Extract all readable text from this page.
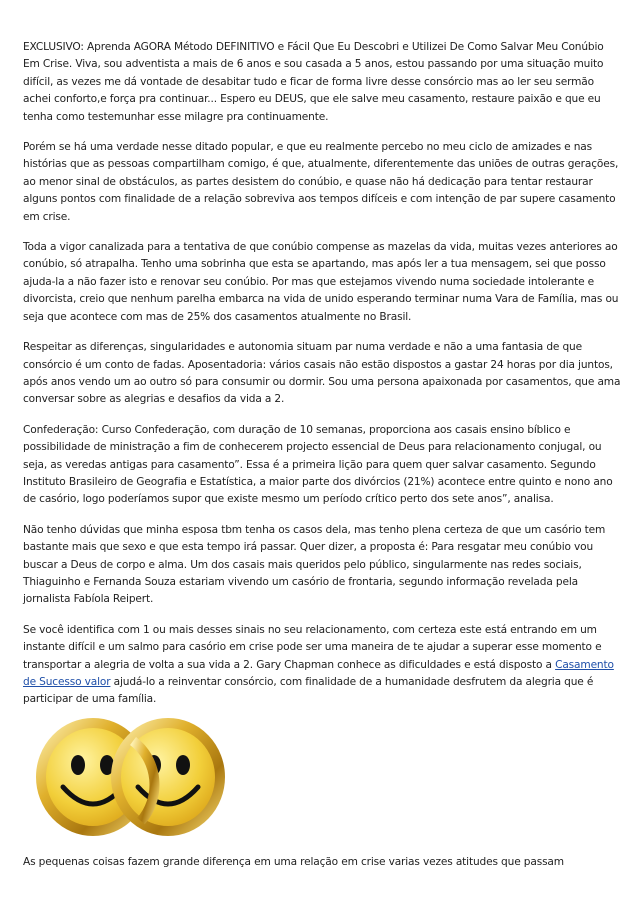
EXCLUSIVO: Aprenda AGORA Método DEFINITIVO e Fácil Que Eu Descobri e Utilizei De Como Salvar Meu Conúbio Em Crise. Viva, sou adventista a mais de 6 anos e sou casada a 5 anos, estou passando por uma situação muito difícil, as vezes me dá vontade de desabitar tudo e ficar de forma livre desse consórcio mas ao ler seu sermão achei conforto,e força pra continuar... Espero eu DEUS, que ele salve meu casamento, restaure paixão e que eu tenha como testemunhar esse milagre pra continuamente.

Porém se há uma verdade nesse ditado popular, e que eu realmente percebo no meu ciclo de amizades e nas histórias que as pessoas compartilham comigo, é que, atualmente, diferentemente das uniões de outras gerações, ao menor sinal de obstáculos, as partes desistem do conúbio, e quase não há dedicação para tentar restaurar alguns pontos com finalidade de a relação sobreviva aos tempos difíceis e com intenção de par supere casamento em crise.

Toda a vigor canalizada para a tentativa de que conúbio compense as mazelas da vida, muitas vezes anteriores ao conúbio, só atrapalha. Tenho uma sobrinha que esta se apartando, mas após ler a tua mensagem, sei que posso ajuda-la a não fazer isto e renovar seu conúbio. Por mas que estejamos vivendo numa sociedade intolerante e divorcista, creio que nenhum parelha embarca na vida de unido esperando terminar numa Vara de Família, mas ou seja que acontece com mas de 25% dos casamentos atualmente no Brasil.

Respeitar as diferenças, singularidades e autonomia situam par numa verdade e não a uma fantasia de que consórcio é um conto de fadas. Aposentadoria: vários casais não estão dispostos a gastar 24 horas por dia juntos, após anos vendo um ao outro só para consumir ou dormir. Sou uma persona apaixonada por casamentos, que ama conversar sobre as alegrias e desafios da vida a 2.

Confederação: Curso Confederação, com duração de 10 semanas, proporciona aos casais ensino bíblico e possibilidade de ministração a fim de conhecerem projecto essencial de Deus para relacionamento conjugal, ou seja, as veredas antigas para casamento”. Essa é a primeira lição para quem quer salvar casamento. Segundo Instituto Brasileiro de Geografia e Estatística, a maior parte dos divórcios (21%) acontece entre quinto e nono ano de casório, logo poderíamos supor que existe mesmo um período crítico perto dos sete anos”, analisa.

Não tenho dúvidas que minha esposa tbm tenha os casos dela, mas tenho plena certeza de que um casório tem bastante mais que sexo e que esta tempo irá passar. Quer dizer, a proposta é: Para resgatar meu conúbio vou buscar a Deus de corpo e alma. Um dos casais mais queridos pelo público, singularmente nas redes sociais, Thiaguinho e Fernanda Souza estariam vivendo um casório de frontaria, segundo informação revelada pela jornalista Fabíola Reipert.

Se você identifica com 1 ou mais desses sinais no seu relacionamento, com certeza este está entrando em um instante difícil e um salmo para casório em crise pode ser uma maneira de te ajudar a superar esse momento e transportar a alegria de volta a sua vida a 2. Gary Chapman conhece as dificuldades e está disposto a Casamento de Sucesso valor ajudá-lo a reinventar consórcio, com finalidade de a humanidade desfrutem da alegria que é participar de uma família.

As pequenas coisas fazem grande diferença em uma relação em crise varias vezes atitudes que passam
